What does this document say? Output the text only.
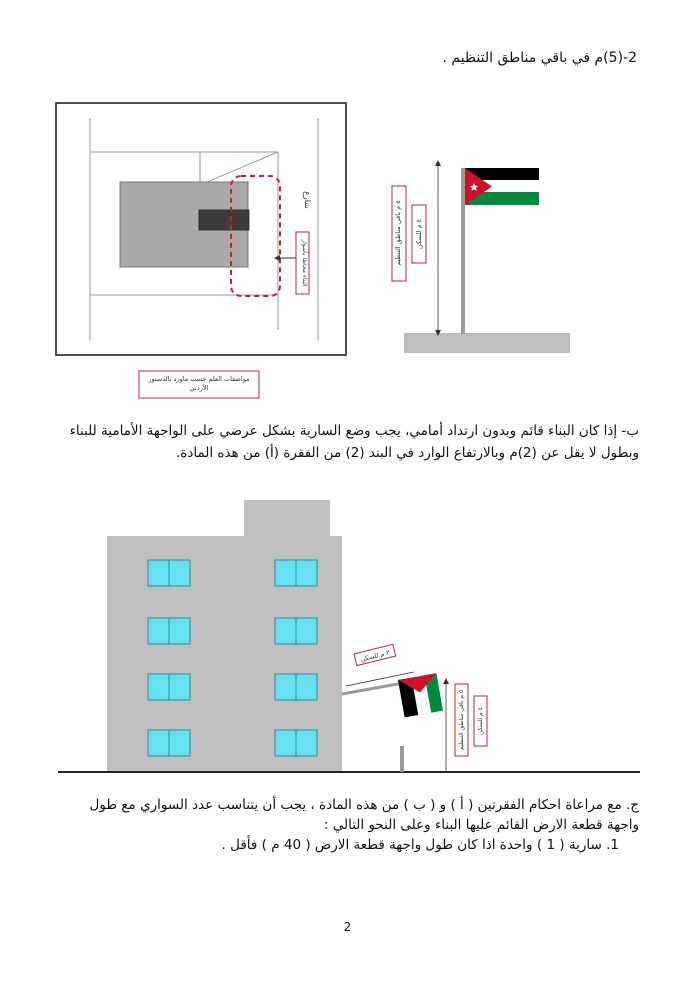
2-(5)م في باقي مناطق التنظيم .
شارع
البناء محاطا بأسوار
مواصفات العلم حسب ماورد بالدستور الأردني
٥ م باقي مناطق التنظيم
٤ م للسكن
ب- إذا كان البناء قائم وبدون ارتداد أمامي، يجب وضع السارية بشكل عرضي على الواجهة الأمامية للبناء وبطول لا يقل عن (2)م وبالارتفاع الوارد في البند (2) من الفقرة (أ) من هذه المادة.
٢ م للسكن
٥ م باقي مناطق التنظيم
٤ م للسكن
ج. مع مراعاة احكام الفقرتين ( أ ) و ( ب ) من هذه المادة ، يجب أن يتناسب عدد السواري مع طول واجهة قطعة الارض القائم عليها البناء وعلى النحو التالي :
1. سارية ( 1 ) واحدة اذا كان طول واجهة قطعة الارض ( 40 م ) فأقل .
2
